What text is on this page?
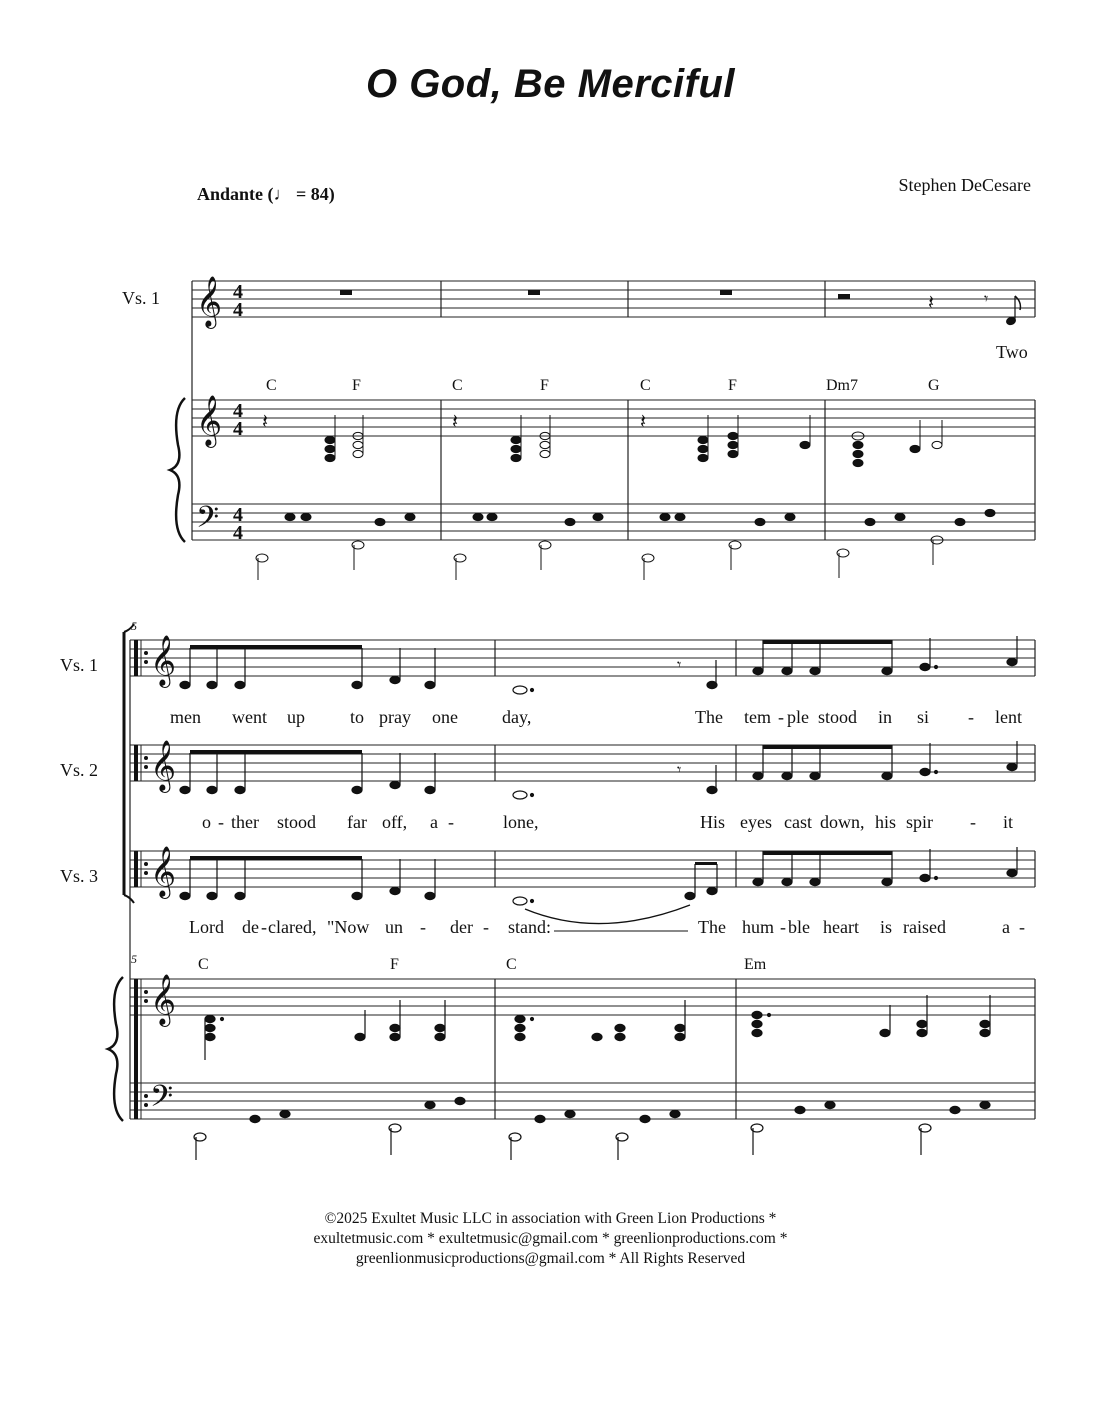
O God, Be Merciful
Stephen DeCesare
Andante (♩ = 84)
𝄞
𝄞
𝄢
𝄞
𝄞
𝄞
𝄞
𝄢
4
4
4
4
4
4
𝄽	𝄾
𝄽	𝄽	𝄽
𝄾
𝄾
Vs. 1
Two
C	F	C	F	C	F	Dm7	G
5
5
Vs. 1
Vs. 2
Vs. 3
men went up	to pray one day,	The tem - ple stood in si - lent
o - ther stood far off, a -	lone,	His eyes cast down, his spir - it
Lord de - clared, "Now un - der - stand:	The hum - ble heart is raised	a -
C	F	C	Em
©2025 Exultet Music LLC in association with Green Lion Productions *
exultetmusic.com * exultetmusic@gmail.com * greenlionproductions.com *
greenlionmusicproductions@gmail.com * All Rights Reserved
